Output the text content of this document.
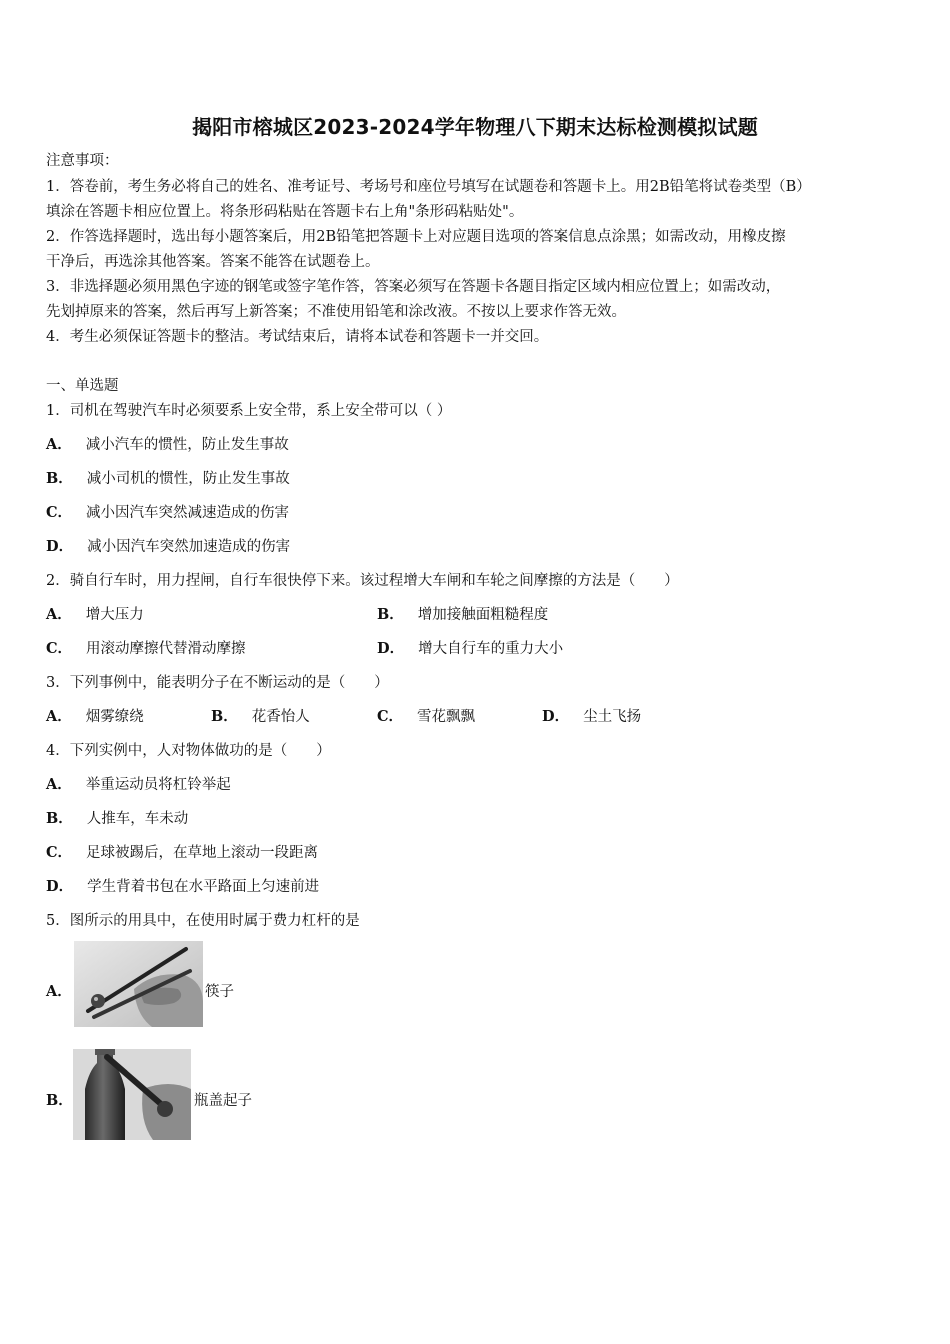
揭阳市榕城区2023-2024学年物理八下期末达标检测模拟试题
注意事项：
1．答卷前，考生务必将自己的姓名、准考证号、考场号和座位号填写在试题卷和答题卡上。用2B铅笔将试卷类型（B）
填涂在答题卡相应位置上。将条形码粘贴在答题卡右上角"条形码粘贴处"。
2．作答选择题时，选出每小题答案后，用2B铅笔把答题卡上对应题目选项的答案信息点涂黑；如需改动，用橡皮擦
干净后，再选涂其他答案。答案不能答在试题卷上。
3．非选择题必须用黑色字迹的钢笔或签字笔作答，答案必须写在答题卡各题目指定区域内相应位置上；如需改动，
先划掉原来的答案，然后再写上新答案；不准使用铅笔和涂改液。不按以上要求作答无效。
4．考生必须保证答题卡的整洁。考试结束后，请将本试卷和答题卡一并交回。
一、单选题
1．司机在驾驶汽车时必须要系上安全带，系上安全带可以（ ）
A． 减小汽车的惯性，防止发生事故
B． 减小司机的惯性，防止发生事故
C． 减小因汽车突然减速造成的伤害
D． 减小因汽车突然加速造成的伤害
2．骑自行车时，用力捏闸，自行车很快停下来。该过程增大车闸和车轮之间摩擦的方法是（　　）
A． 增大压力	B． 增加接触面粗糙程度
C． 用滚动摩擦代替滑动摩擦	D． 增大自行车的重力大小
3．下列事例中，能表明分子在不断运动的是（　　）
A． 烟雾缭绕	B． 花香怡人	C． 雪花飘飘	D． 尘土飞扬
4．下列实例中，人对物体做功的是（　　）
A． 举重运动员将杠铃举起
B． 人推车，车未动
C． 足球被踢后，在草地上滚动一段距离
D． 学生背着书包在水平路面上匀速前进
5．图所示的用具中，在使用时属于费力杠杆的是
A．	筷子
B．	瓶盖起子
